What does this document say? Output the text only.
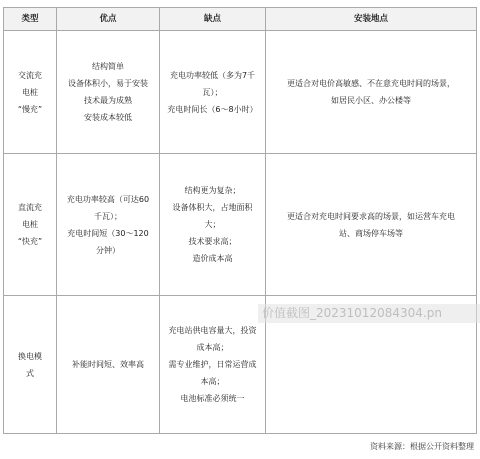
类型	优点	缺点	安装地点

交流充
电桩
“慢充”	结构简单
设备体积小，易于安装
技术最为成熟
安装成本较低	充电功率较低（多为7千
瓦）；
充电时间长（6～8小时）	更适合对电价高敏感、不在意充电时间的场景，
如居民小区、办公楼等

直流充
电桩
“快充”	充电功率较高（可达60
千瓦）；
充电时间短（30～120
分钟）	结构更为复杂；
设备体积大，占地面积
大；
技术要求高；
造价成本高	更适合对充电时间要求高的场景，如运营车充电
站、商场停车场等

换电模
式	补能时间短、效率高	充电站供电容量大，投资
成本高；
需专业维护，日常运营成
本高；
电池标准必须统一	

价值截图_20231012084304.pn
资料来源：根据公开资料整理
